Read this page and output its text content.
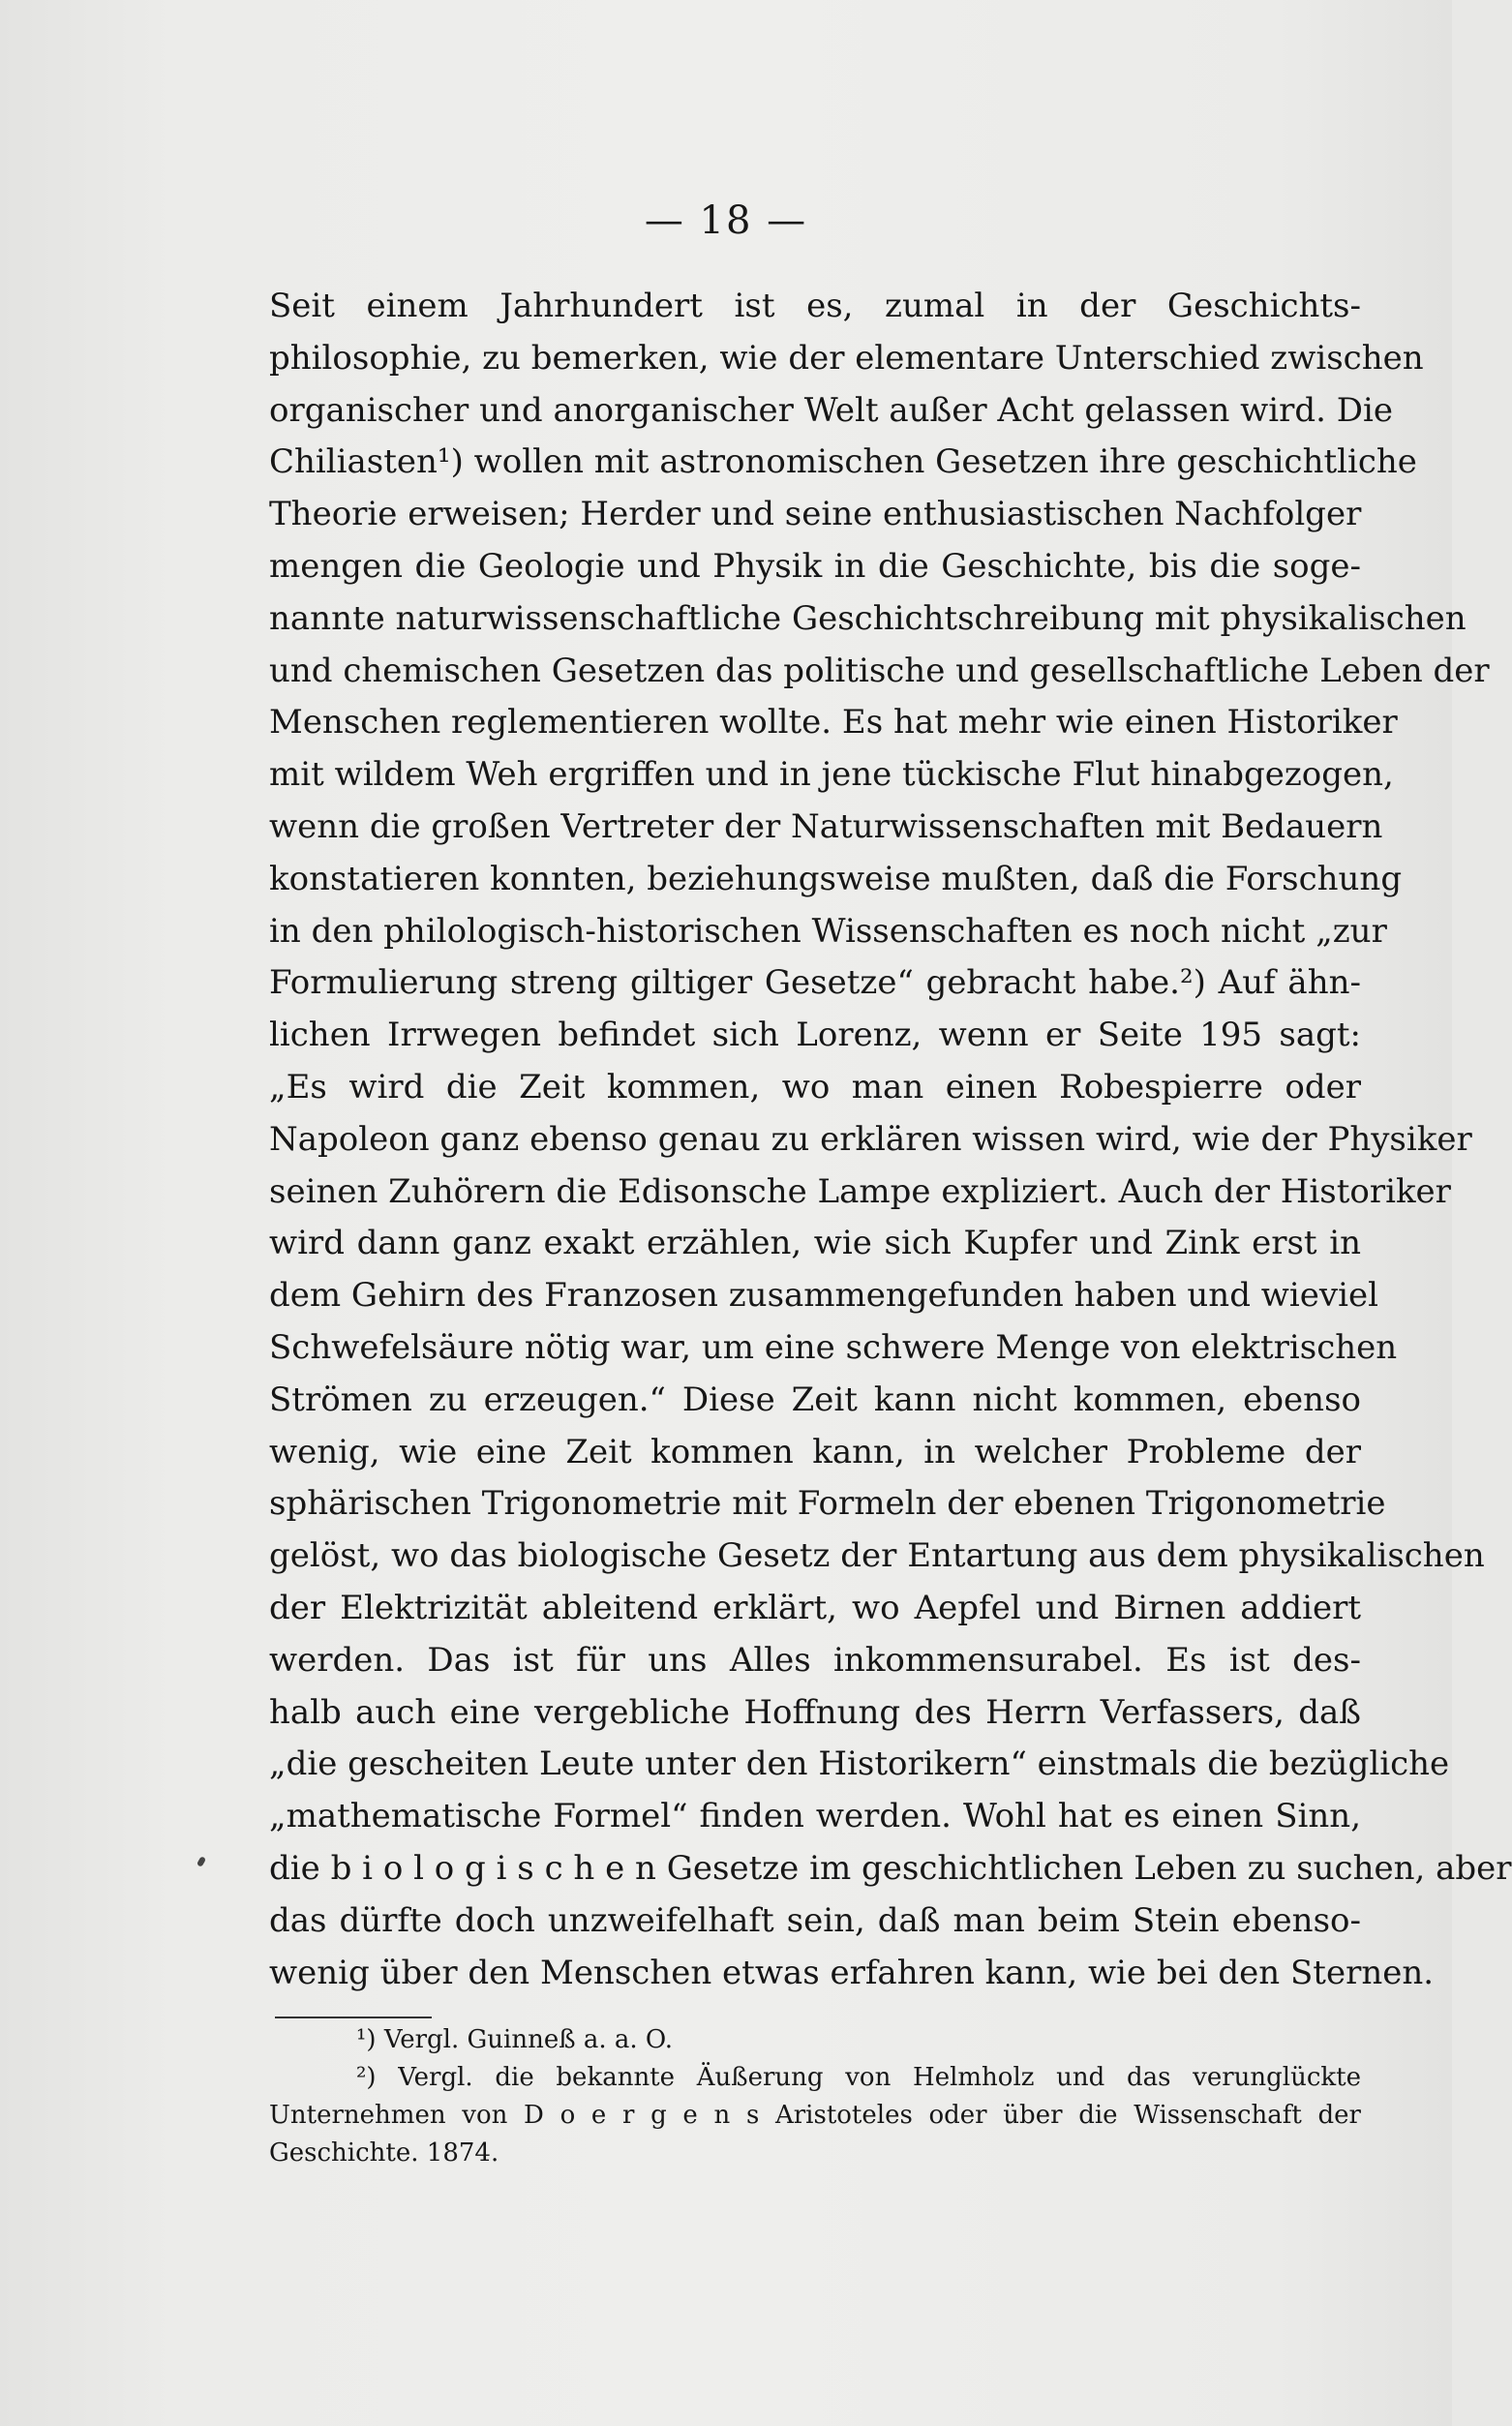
— 18 —
Seit einem Jahrhundert ist es, zumal in der Geschichts-
philosophie, zu bemerken, wie der elementare Unterschied zwischen
organischer und anorganischer Welt außer Acht gelassen wird. Die
Chiliasten¹) wollen mit astronomischen Gesetzen ihre geschichtliche
Theorie erweisen; Herder und seine enthusiastischen Nachfolger
mengen die Geologie und Physik in die Geschichte, bis die soge-
nannte naturwissenschaftliche Geschichtschreibung mit physikalischen
und chemischen Gesetzen das politische und gesellschaftliche Leben der
Menschen reglementieren wollte. Es hat mehr wie einen Historiker
mit wildem Weh ergriffen und in jene tückische Flut hinabgezogen,
wenn die großen Vertreter der Naturwissenschaften mit Bedauern
konstatieren konnten, beziehungsweise mußten, daß die Forschung
in den philologisch-historischen Wissenschaften es noch nicht „zur
Formulierung streng giltiger Gesetze“ gebracht habe.²) Auf ähn-
lichen Irrwegen befindet sich Lorenz, wenn er Seite 195 sagt:
„Es wird die Zeit kommen, wo man einen Robespierre oder
Napoleon ganz ebenso genau zu erklären wissen wird, wie der Physiker
seinen Zuhörern die Edisonsche Lampe expliziert. Auch der Historiker
wird dann ganz exakt erzählen, wie sich Kupfer und Zink erst in
dem Gehirn des Franzosen zusammengefunden haben und wieviel
Schwefelsäure nötig war, um eine schwere Menge von elektrischen
Strömen zu erzeugen.“ Diese Zeit kann nicht kommen, ebenso
wenig, wie eine Zeit kommen kann, in welcher Probleme der
sphärischen Trigonometrie mit Formeln der ebenen Trigonometrie
gelöst, wo das biologische Gesetz der Entartung aus dem physikalischen
der Elektrizität ableitend erklärt, wo Aepfel und Birnen addiert
werden. Das ist für uns Alles inkommensurabel. Es ist des-
halb auch eine vergebliche Hoffnung des Herrn Verfassers, daß
„die gescheiten Leute unter den Historikern“ einstmals die bezügliche
„mathematische Formel“ finden werden. Wohl hat es einen Sinn,
die b i o l o g i s c h e n Gesetze im geschichtlichen Leben zu suchen, aber
das dürfte doch unzweifelhaft sein, daß man beim Stein ebenso-
wenig über den Menschen etwas erfahren kann, wie bei den Sternen.
¹) Vergl. Guinneß a. a. O.
²) Vergl. die bekannte Äußerung von Helmholz und das verunglückte
Unternehmen von D o e r g e n s Aristoteles oder über die Wissenschaft der
Geschichte. 1874.
